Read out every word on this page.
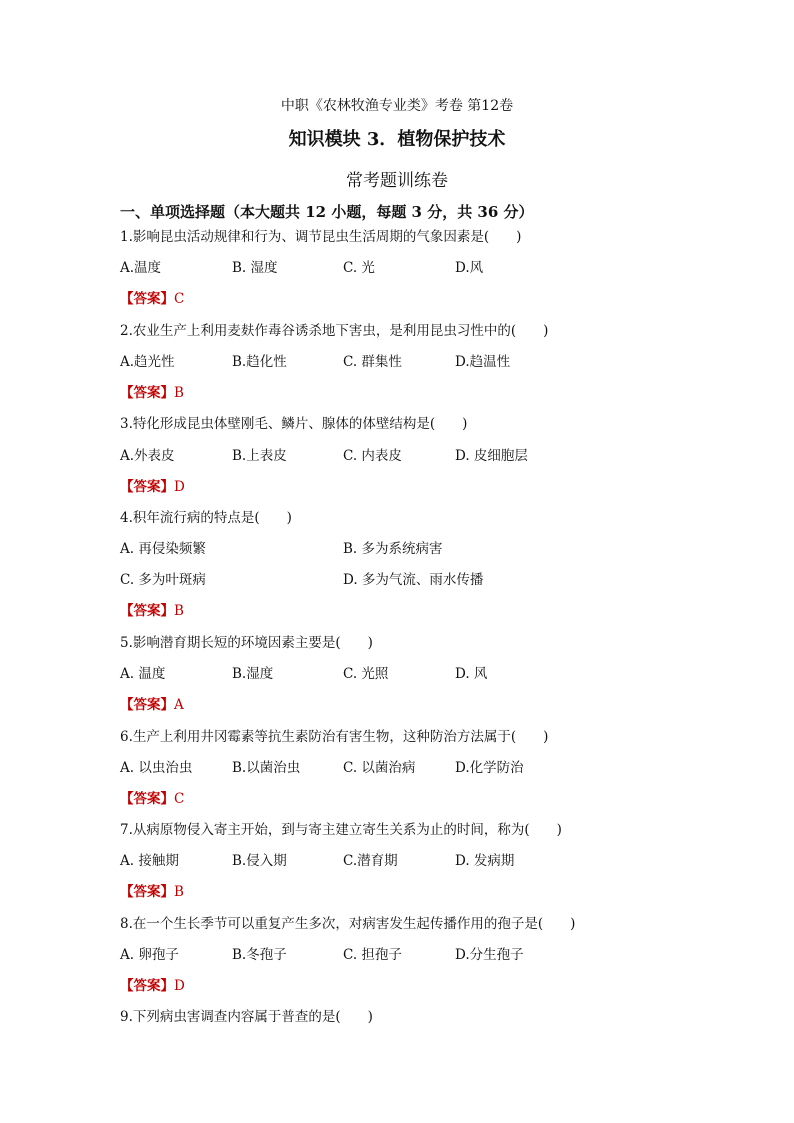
中职《农林牧渔专业类》考卷 第12卷
知识模块 3．植物保护技术
常考题训练卷
一、单项选择题（本大题共 12 小题，每题 3 分，共 36 分）
1.影响昆虫活动规律和行为、调节昆虫生活周期的气象因素是(　　)
A.温度	B. 湿度	C. 光	D.风
【答案】C
2.农业生产上利用麦麸作毒谷诱杀地下害虫，是利用昆虫习性中的(　　)
A.趋光性	B.趋化性	C. 群集性	D.趋温性
【答案】B
3.特化形成昆虫体壁刚毛、鳞片、腺体的体壁结构是(　　)
A.外表皮	B.上表皮	C. 内表皮	D. 皮细胞层
【答案】D
4.积年流行病的特点是(　　)
A. 再侵染频繁	B. 多为系统病害
C. 多为叶斑病	D. 多为气流、雨水传播
【答案】B
5.影响潜育期长短的环境因素主要是(　　)
A. 温度	B.湿度	C. 光照	D. 风
【答案】A
6.生产上利用井冈霉素等抗生素防治有害生物，这种防治方法属于(　　)
A. 以虫治虫	B.以菌治虫	C. 以菌治病	D.化学防治
【答案】C
7.从病原物侵入寄主开始，到与寄主建立寄生关系为止的时间，称为(　　)
A. 接触期	B.侵入期	C.潜育期	D. 发病期
【答案】B
8.在一个生长季节可以重复产生多次，对病害发生起传播作用的孢子是(　　)
A. 卵孢子	B.冬孢子	C. 担孢子	D.分生孢子
【答案】D
9.下列病虫害调查内容属于普查的是(　　)
